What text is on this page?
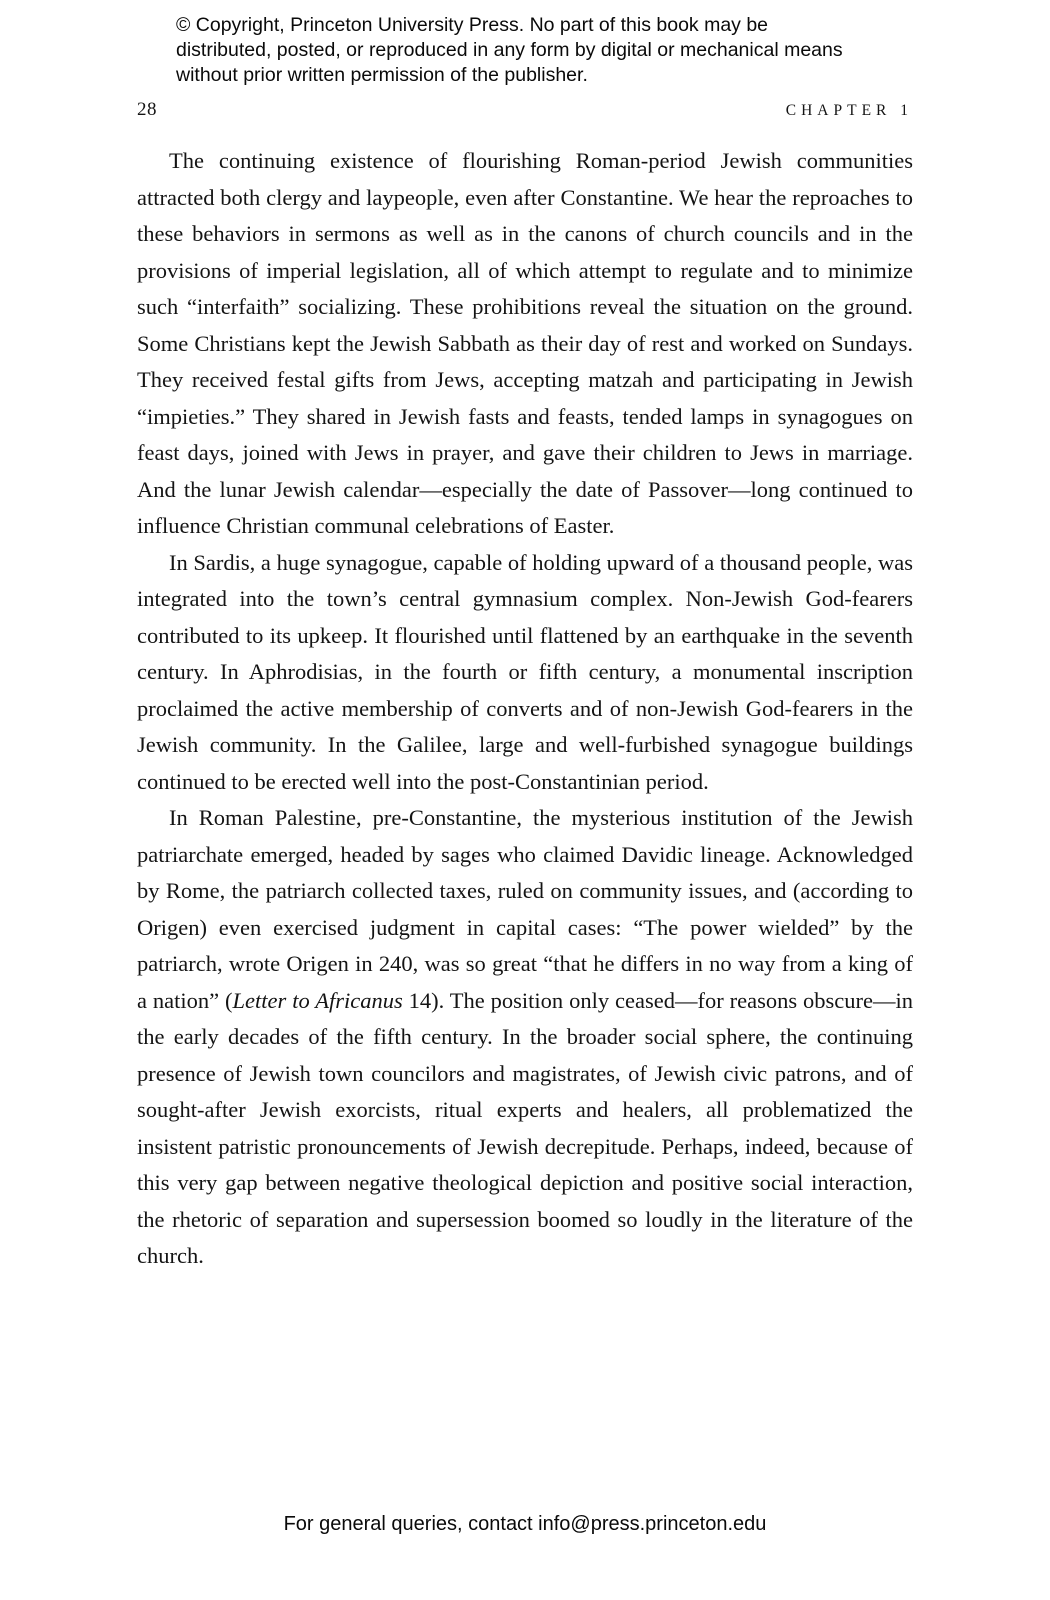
© Copyright, Princeton University Press. No part of this book may be distributed, posted, or reproduced in any form by digital or mechanical means without prior written permission of the publisher.
28	CHAPTER 1

The continuing existence of flourishing Roman-period Jewish communities attracted both clergy and laypeople, even after Constantine. We hear the reproaches to these behaviors in sermons as well as in the canons of church councils and in the provisions of imperial legislation, all of which attempt to regulate and to minimize such “interfaith” socializing. These prohibitions reveal the situation on the ground. Some Christians kept the Jewish Sabbath as their day of rest and worked on Sundays. They received festal gifts from Jews, accepting matzah and participating in Jewish “impieties.” They shared in Jewish fasts and feasts, tended lamps in synagogues on feast days, joined with Jews in prayer, and gave their children to Jews in marriage. And the lunar Jewish calendar—especially the date of Passover—long continued to influence Christian communal celebrations of Easter.

In Sardis, a huge synagogue, capable of holding upward of a thousand people, was integrated into the town’s central gymnasium complex. Non-Jewish God-fearers contributed to its upkeep. It flourished until flattened by an earthquake in the seventh century. In Aphrodisias, in the fourth or fifth century, a monumental inscription proclaimed the active membership of converts and of non-Jewish God-fearers in the Jewish community. In the Galilee, large and well-furbished synagogue buildings continued to be erected well into the post-Constantinian period.

In Roman Palestine, pre-Constantine, the mysterious institution of the Jewish patriarchate emerged, headed by sages who claimed Davidic lineage. Acknowledged by Rome, the patriarch collected taxes, ruled on community issues, and (according to Origen) even exercised judgment in capital cases: “The power wielded” by the patriarch, wrote Origen in 240, was so great “that he differs in no way from a king of a nation” (Letter to Africanus 14). The position only ceased—for reasons obscure—in the early decades of the fifth century. In the broader social sphere, the continuing presence of Jewish town councilors and magistrates, of Jewish civic patrons, and of sought-after Jewish exorcists, ritual experts and healers, all problematized the insistent patristic pronouncements of Jewish decrepitude. Perhaps, indeed, because of this very gap between negative theological depiction and positive social interaction, the rhetoric of separation and supersession boomed so loudly in the literature of the church.

For general queries, contact info@press.princeton.edu
